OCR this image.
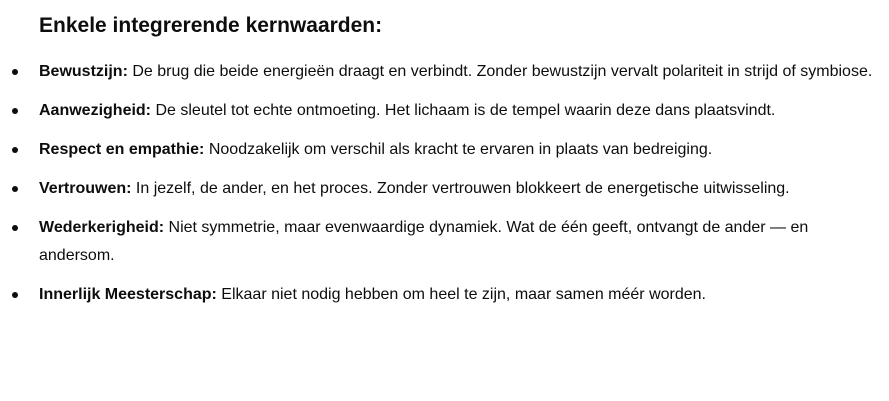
Enkele integrerende kernwaarden:
Bewustzijn: De brug die beide energieën draagt en verbindt. Zonder bewustzijn vervalt polariteit in strijd of symbiose.
Aanwezigheid: De sleutel tot echte ontmoeting. Het lichaam is de tempel waarin deze dans plaatsvindt.
Respect en empathie: Noodzakelijk om verschil als kracht te ervaren in plaats van bedreiging.
Vertrouwen: In jezelf, de ander, en het proces. Zonder vertrouwen blokkeert de energetische uitwisseling.
Wederkerigheid: Niet symmetrie, maar evenwaardige dynamiek. Wat de één geeft, ontvangt de ander — en andersom.
Innerlijk Meesterschap: Elkaar niet nodig hebben om heel te zijn, maar samen méér worden.
